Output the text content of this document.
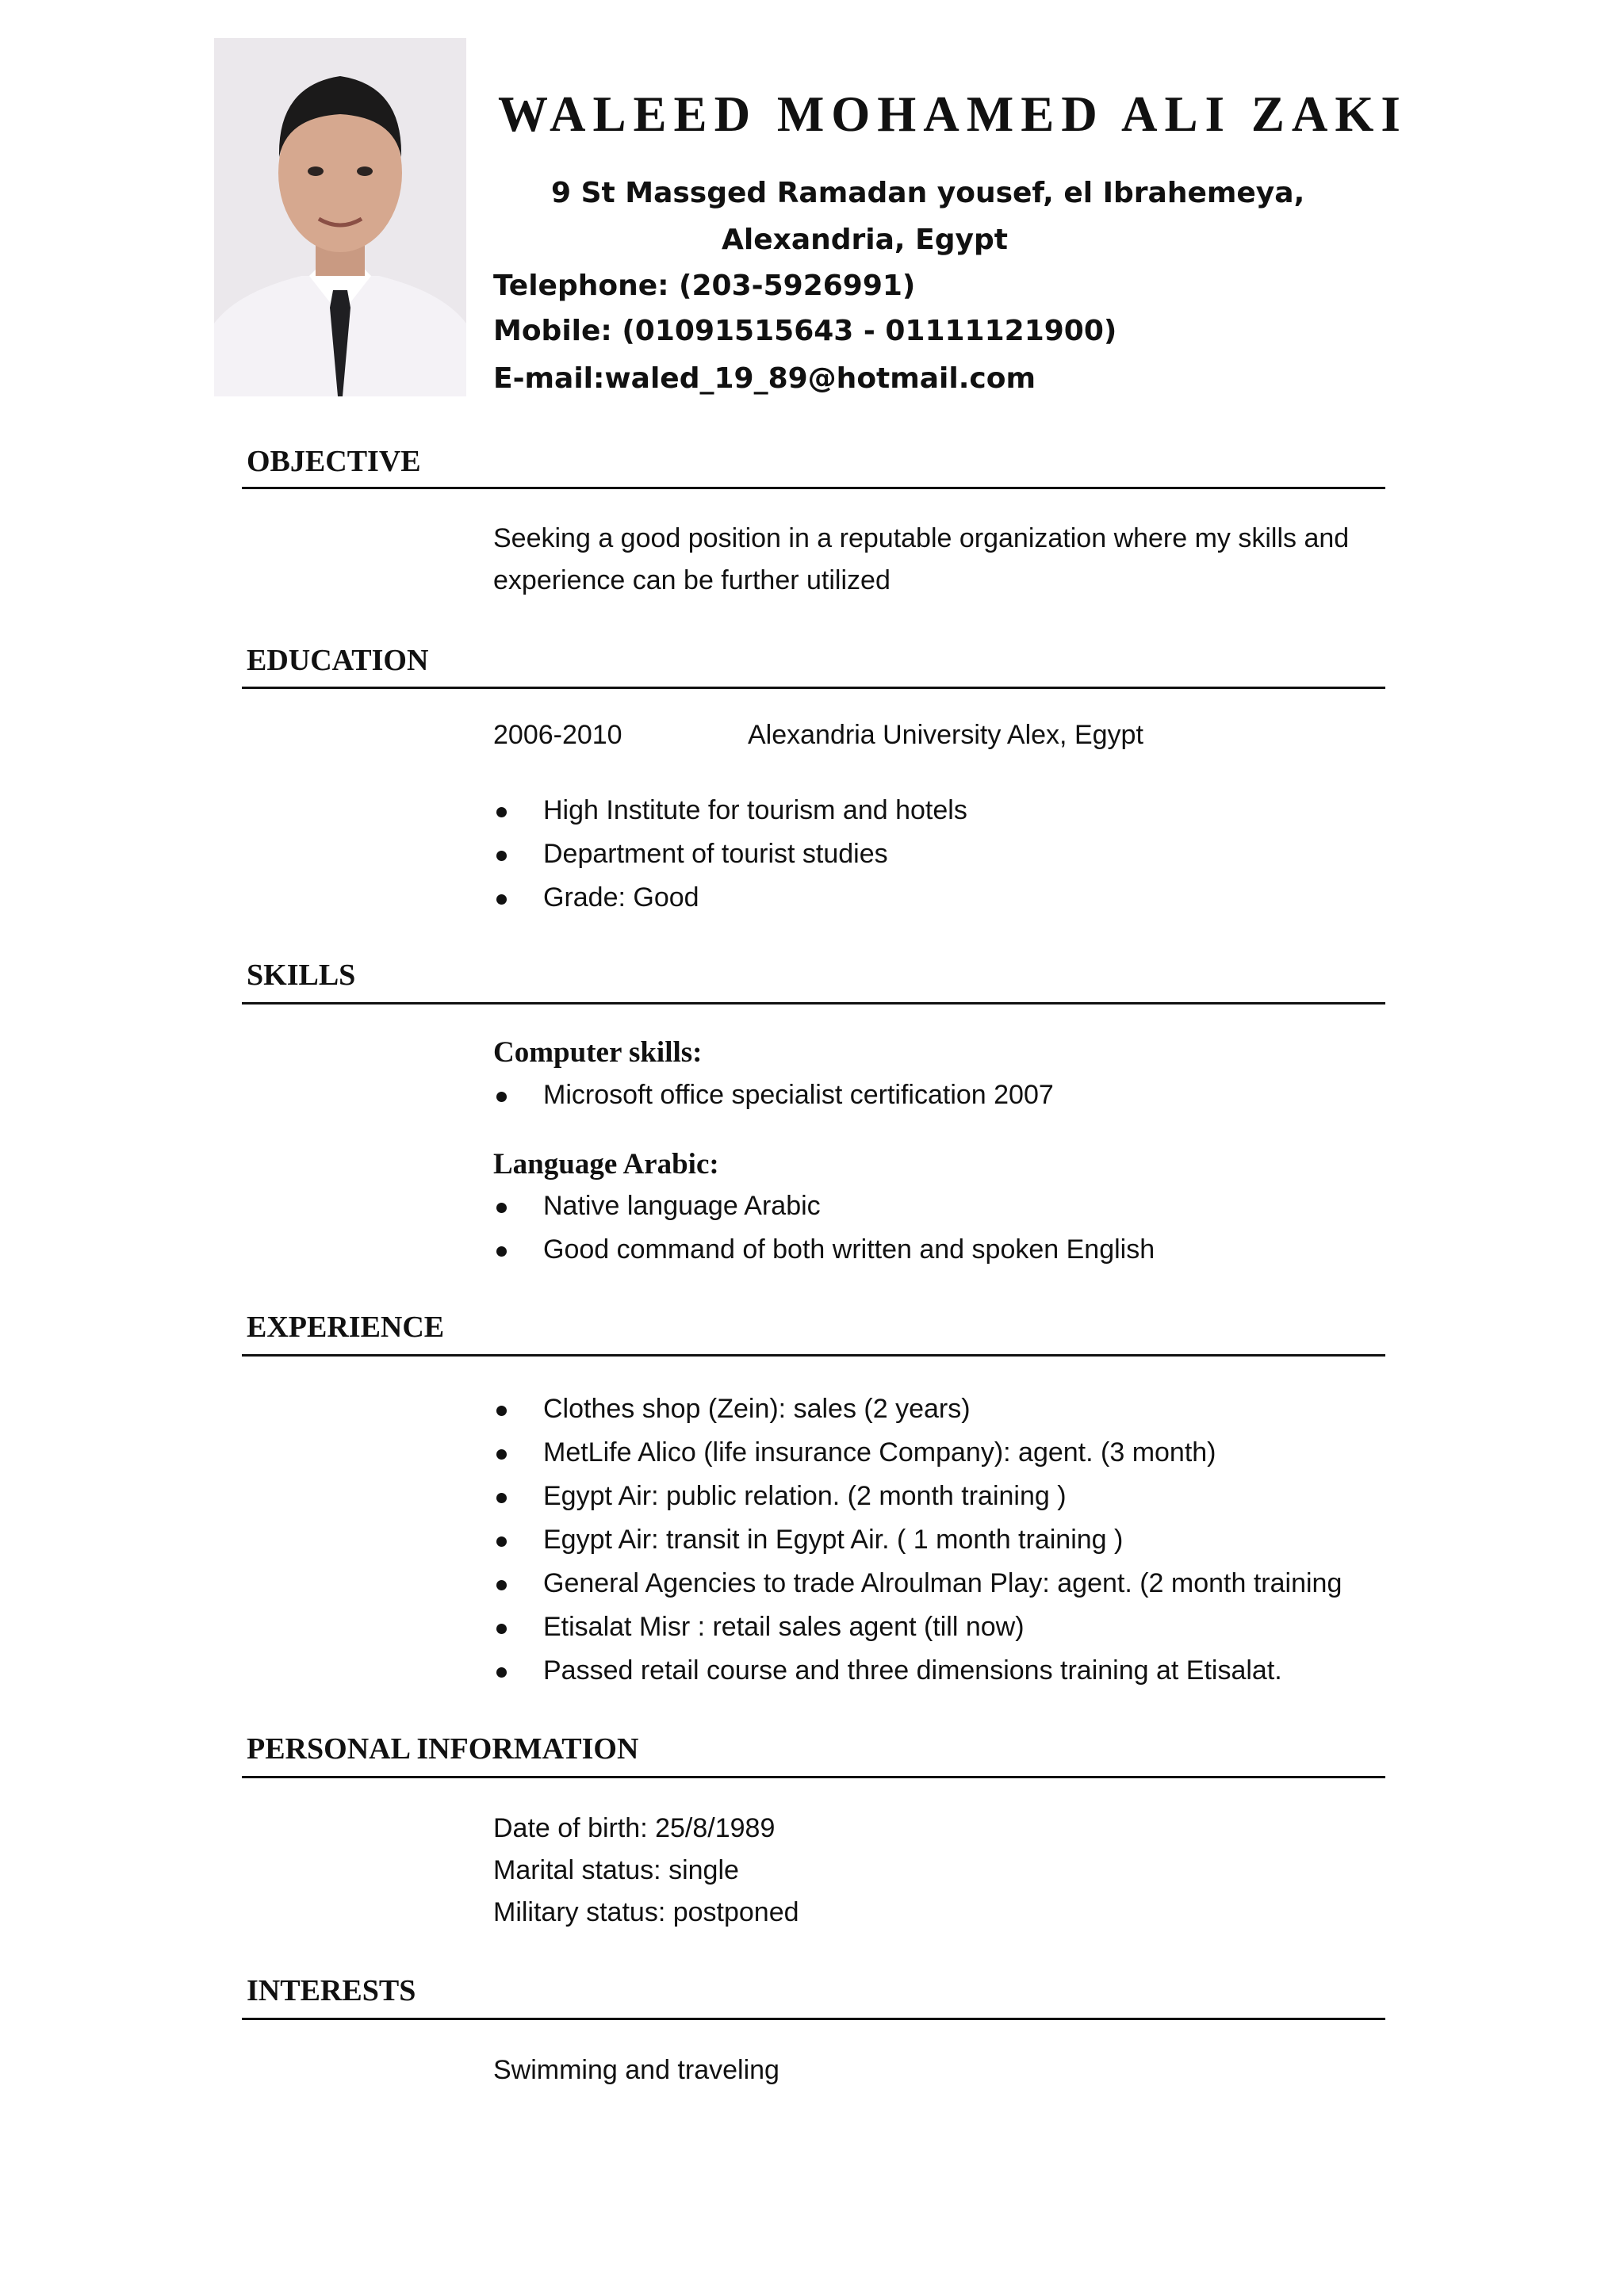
WALEED MOHAMED ALI ZAKI
9 St Massged Ramadan yousef, el Ibrahemeya,
Alexandria, Egypt
Telephone: (203-5926991)
Mobile: (01091515643 - 01111121900)
E-mail:waled_19_89@hotmail.com
OBJECTIVE
Seeking a good position in a reputable organization where my skills and
experience can be further utilized
EDUCATION
2006-2010	Alexandria University Alex, Egypt
High Institute for tourism and hotels
Department of tourist studies
Grade: Good
SKILLS
Computer skills:
Microsoft office specialist certification 2007
Language Arabic:
Native language Arabic
Good command of both written and spoken English
EXPERIENCE
Clothes shop (Zein): sales (2 years)
MetLife Alico (life insurance Company): agent. (3 month)
Egypt Air: public relation. (2 month training )
Egypt Air: transit in Egypt Air. ( 1 month training )
General Agencies to trade Alroulman Play: agent. (2 month training
Etisalat Misr : retail sales agent (till now)
Passed retail course and three dimensions training at Etisalat.
PERSONAL INFORMATION
Date of birth: 25/8/1989
Marital status: single
Military status: postponed
INTERESTS
Swimming and traveling
